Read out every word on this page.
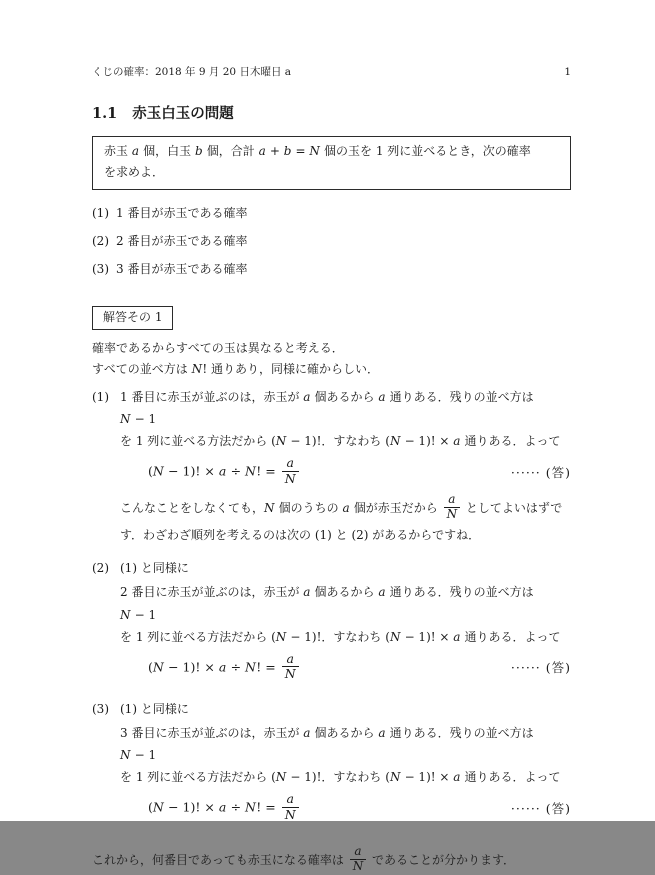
くじの確率：2018 年 9 月 20 日木曜日 a	1
1.1 赤玉白玉の問題
赤玉 a 個，白玉 b 個，合計 a + b = N 個の玉を 1 列に並べるとき，次の確率
を求めよ．
(1) 1 番目が赤玉である確率
(2) 2 番目が赤玉である確率
(3) 3 番目が赤玉である確率
解答その 1
確率であるからすべての玉は異なると考える．
すべての並べ方は N! 通りあり，同様に確からしい．
(1) 1 番目に赤玉が並ぶのは，赤玉が a 個あるから a 通りある．残りの並べ方は N − 1
を 1 列に並べる方法だから (N − 1)!．すなわち (N − 1)! × a 通りある．よって
(N − 1)! × a ÷ N! = $\frac{a}{N}$	······ (答)
こんなことをしなくても，N 個のうちの a 個が赤玉だから $\frac{a}{N}$ としてよいはずで
す．わざわざ順列を考えるのは次の (1) と (2) があるからですね．
(2) (1) と同様に
2 番目に赤玉が並ぶのは，赤玉が a 個あるから a 通りある．残りの並べ方は N − 1
を 1 列に並べる方法だから (N − 1)!．すなわち (N − 1)! × a 通りある．よって
(N − 1)! × a ÷ N! = $\frac{a}{N}$	······ (答)
(3) (1) と同様に
3 番目に赤玉が並ぶのは，赤玉が a 個あるから a 通りある．残りの並べ方は N − 1
を 1 列に並べる方法だから (N − 1)!．すなわち (N − 1)! × a 通りある．よって
(N − 1)! × a ÷ N! = $\frac{a}{N}$	······ (答)
これから，何番目であっても赤玉になる確率は $\frac{a}{N}$ であることが分かります．
